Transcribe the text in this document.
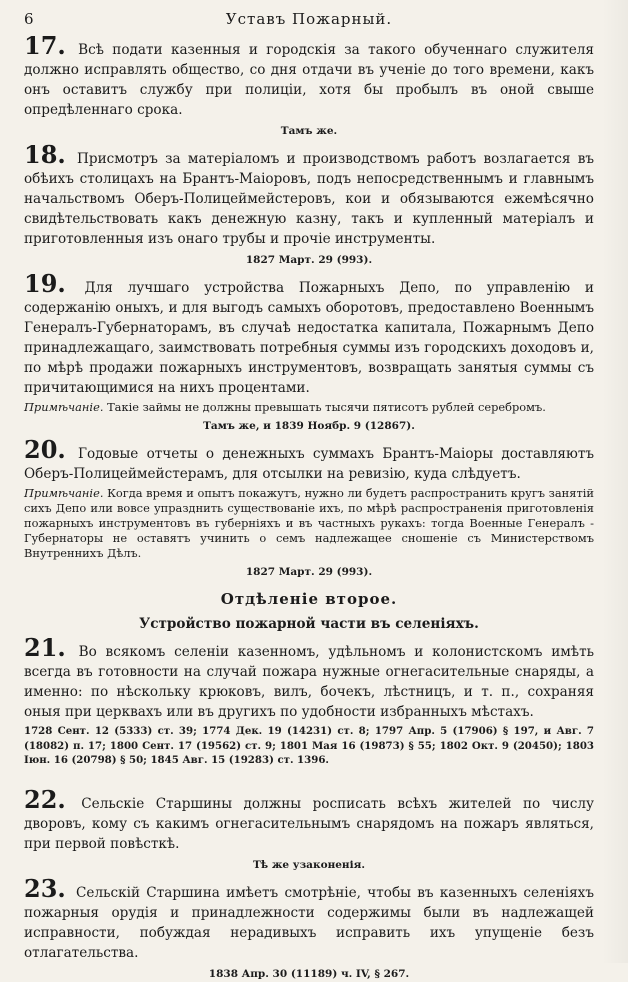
6	Уставъ Пожарный.

17. Всѣ подати казенныя и городскія за такого обученнаго служителя должно исправлять общество, со дня отдачи въ ученіе до того времени, какъ онъ оставитъ службу при полиціи, хотя бы пробылъ въ оной свыше опредѣленнаго срока.

Тамъ же.

18. Присмотръ за матеріаломъ и производствомъ работъ возлагается въ обѣихъ столицахъ на Брантъ-Маіоровъ, подъ непосредственнымъ и главнымъ начальствомъ Оберъ-Полицеймейстеровъ, кои и обязываются ежемѣсячно свидѣтельствовать какъ денежную казну, такъ и купленный матеріалъ и приготовленныя изъ онаго трубы и прочіе инструменты.

1827 Март. 29 (993).

19. Для лучшаго устройства Пожарныхъ Депо, по управленію и содержанію оныхъ, и для выгодъ самыхъ оборотовъ, предоставлено Военнымъ Генералъ-Губернаторамъ, въ случаѣ недостатка капитала, Пожарнымъ Депо принадлежащаго, заимствовать потребныя суммы изъ городскихъ доходовъ и, по мѣрѣ продажи пожарныхъ инструментовъ, возвращать занятыя суммы съ причитающимися на нихъ процентами.

Примѣчаніе. Такіе займы не должны превышать тысячи пятисотъ рублей серебромъ.

Тамъ же, и 1839 Ноябр. 9 (12867).

20. Годовые отчеты о денежныхъ суммахъ Брантъ-Маіоры доставляютъ Оберъ-Полицеймейстерамъ, для отсылки на ревизію, куда слѣдуетъ.

Примѣчаніе. Когда время и опытъ покажутъ, нужно ли будетъ распространить кругъ занятій сихъ Депо или вовсе упразднить существованіе ихъ, по мѣрѣ распространенія приготовленія пожарныхъ инструментовъ въ губерніяхъ и въ частныхъ рукахъ: тогда Военные Генералъ - Губернаторы не оставятъ учинить о семъ надлежащее сношеніе съ Министерствомъ Внутреннихъ Дѣлъ.

1827 Март. 29 (993).
Отдѣленіе второе.
Устройство пожарной части въ селеніяхъ.

21. Во всякомъ селеніи казенномъ, удѣльномъ и колонистскомъ имѣть всегда въ готовности на случай пожара нужные огнегасительные снаряды, а именно: по нѣскольку крюковъ, вилъ, бочекъ, лѣстницъ, и т. п., сохраняя оныя при церквахъ или въ другихъ по удобности избранныхъ мѣстахъ.

1728 Сент. 12 (5333) ст. 39; 1774 Дек. 19 (14231) ст. 8; 1797 Апр. 5 (17906) § 197, и Авг. 7 (18082) п. 17; 1800 Сент. 17 (19562) ст. 9; 1801 Мая 16 (19873) § 55; 1802 Окт. 9 (20450); 1803 Іюн. 16 (20798) § 50; 1845 Авг. 15 (19283) ст. 1396.

22. Сельскіе Старшины должны росписать всѣхъ жителей по числу дворовъ, кому съ какимъ огнегасительнымъ снарядомъ на пожаръ являться, при первой повѣсткѣ.

Тѣ же узаконенія.

23. Сельскій Старшина имѣетъ смотрѣніе, чтобы въ казенныхъ селеніяхъ пожарныя орудія и принадлежности содержимы были въ надлежащей исправности, побуждая нерадивыхъ исправить ихъ упущеніе безъ отлагательства.

1838 Апр. 30 (11189) ч. IV, § 267.
